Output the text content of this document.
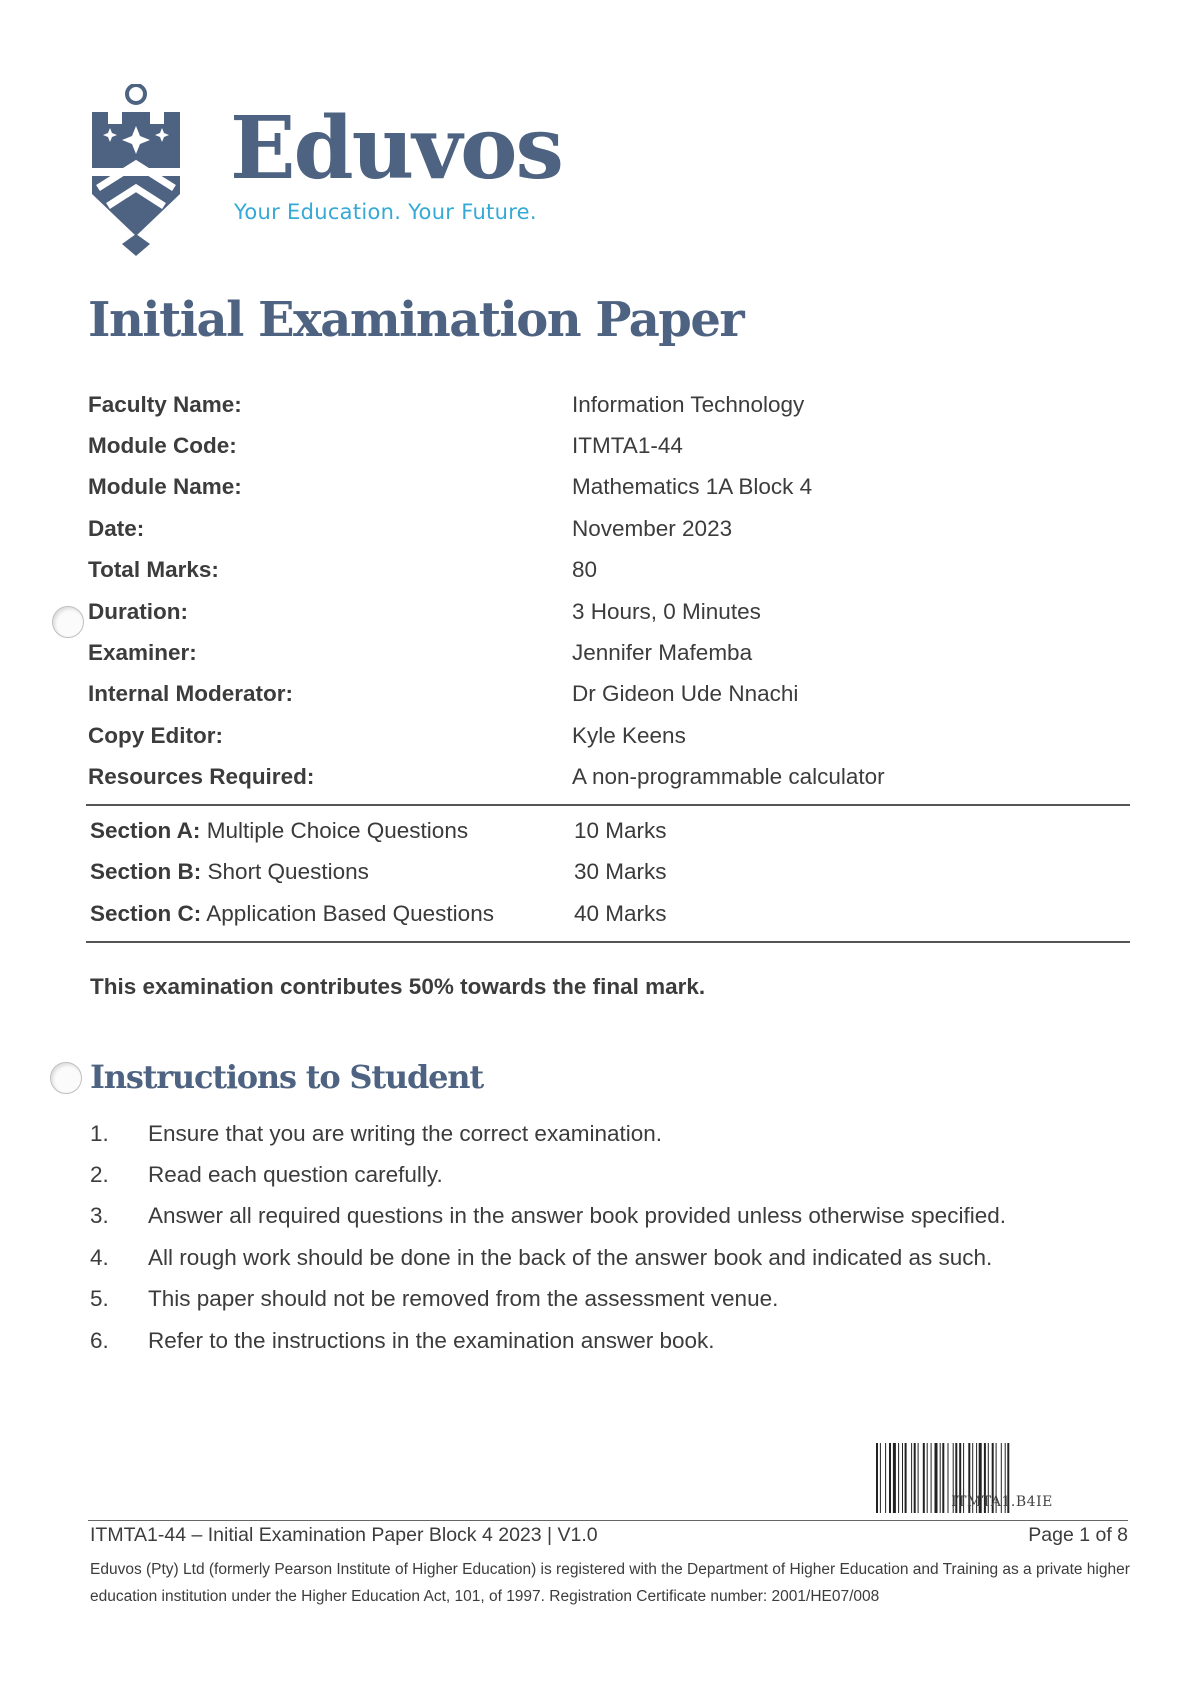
Eduvos
Your Education. Your Future.
Initial Examination Paper
Faculty Name:	Information Technology
Module Code:	ITMTA1-44
Module Name:	Mathematics 1A Block 4
Date:	November 2023
Total Marks:	80
Duration:	3 Hours, 0 Minutes
Examiner:	Jennifer Mafemba
Internal Moderator:	Dr Gideon Ude Nnachi
Copy Editor:	Kyle Keens
Resources Required:	A non-programmable calculator
Section A: Multiple Choice Questions	10 Marks
Section B: Short Questions	30 Marks
Section C: Application Based Questions	40 Marks
This examination contributes 50% towards the final mark.
Instructions to Student
1.	Ensure that you are writing the correct examination.
2.	Read each question carefully.
3.	Answer all required questions in the answer book provided unless otherwise specified.
4.	All rough work should be done in the back of the answer book and indicated as such.
5.	This paper should not be removed from the assessment venue.
6.	Refer to the instructions in the examination answer book.
ITMTA1.B4IE
ITMTA1-44 – Initial Examination Paper Block 4 2023 | V1.0	Page 1 of 8
Eduvos (Pty) Ltd (formerly Pearson Institute of Higher Education) is registered with the Department of Higher Education and Training as a private higher education institution under the Higher Education Act, 101, of 1997. Registration Certificate number: 2001/HE07/008
